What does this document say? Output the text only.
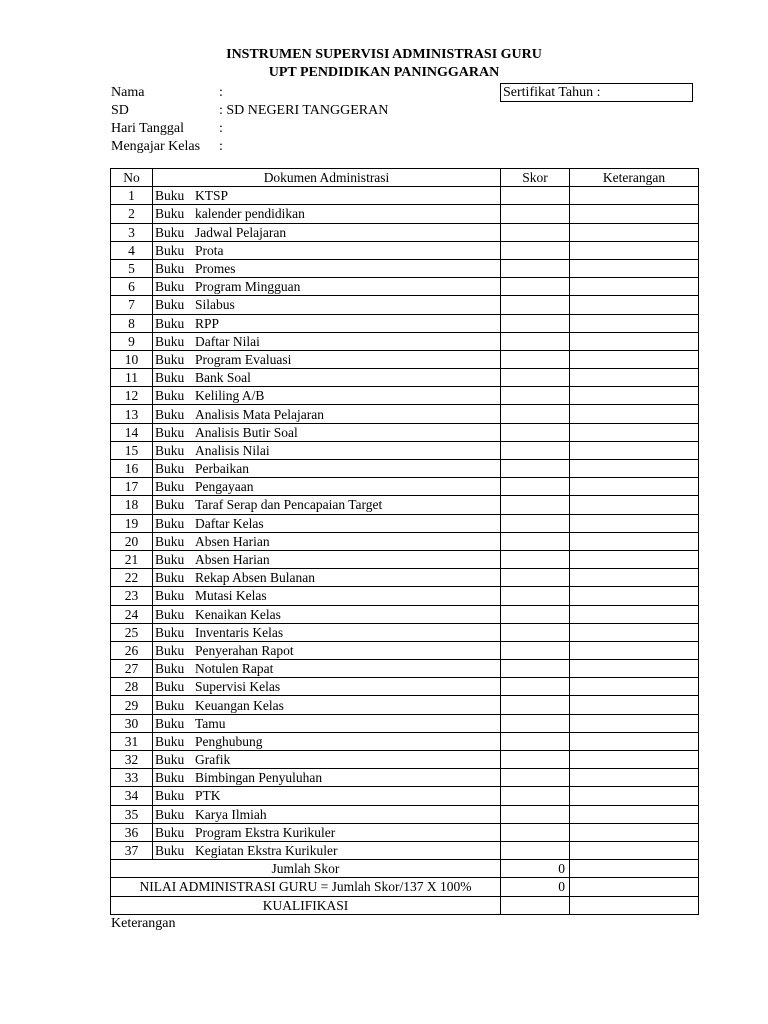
INSTRUMEN SUPERVISI ADMINISTRASI GURU
UPT PENDIDIKAN PANINGGARAN
Nama	:
SD	: SD NEGERI TANGGERAN
Hari Tanggal :
Mengajar Kelas :
Sertifikat Tahun :
No	Dokumen Administrasi	Skor	Keterangan
1	Buku KTSP		

2	Buku kalender pendidikan		

3	Buku Jadwal Pelajaran		

4	Buku Prota		

5	Buku Promes		

6	Buku Program Mingguan		

7	Buku Silabus		

8	Buku RPP		

9	Buku Daftar Nilai		

10	Buku Program Evaluasi		

11	Buku Bank Soal		

12	Buku Keliling A/B		

13	Buku Analisis Mata Pelajaran		

14	Buku Analisis Butir Soal		

15	Buku Analisis Nilai		

16	Buku Perbaikan		

17	Buku Pengayaan		

18	Buku Taraf Serap dan Pencapaian Target		

19	Buku Daftar Kelas		

20	Buku Absen Harian		

21	Buku Absen Harian		

22	Buku Rekap Absen Bulanan		

23	Buku Mutasi Kelas		

24	Buku Kenaikan Kelas		

25	Buku Inventaris Kelas		

26	Buku Penyerahan Rapot		

27	Buku Notulen Rapat		

28	Buku Supervisi Kelas		

29	Buku Keuangan Kelas		

30	Buku Tamu		

31	Buku Penghubung		

32	Buku Grafik		

33	Buku Bimbingan Penyuluhan		

34	Buku PTK		

35	Buku Karya Ilmiah		

36	Buku Program Ekstra Kurikuler		

37	Buku Kegiatan Ekstra Kurikuler		

Jumlah Skor		0	
NILAI ADMINISTRASI GURU = Jumlah Skor/137 X 100%		0	
KUALIFIKASI			
Keterangan
